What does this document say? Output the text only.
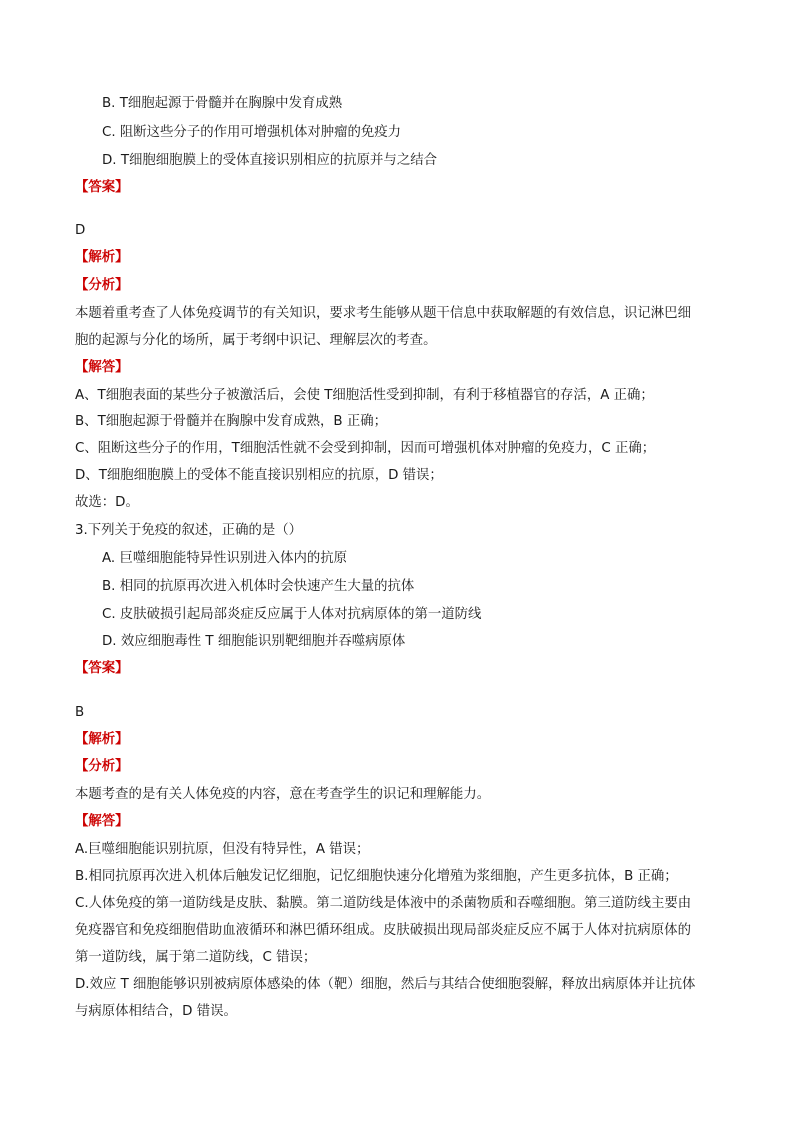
B. T细胞起源于骨髓并在胸腺中发育成熟
C. 阻断这些分子的作用可增强机体对肿瘤的免疫力
D. T细胞细胞膜上的受体直接识别相应的抗原并与之结合
【答案】
D
【解析】
【分析】
本题着重考查了人体免疫调节的有关知识，要求考生能够从题干信息中获取解题的有效信息，识记淋巴细
胞的起源与分化的场所，属于考纲中识记、理解层次的考查。
【解答】
A、T细胞表面的某些分子被激活后，会使 T细胞活性受到抑制，有利于移植器官的存活，A 正确；
B、T细胞起源于骨髓并在胸腺中发育成熟，B 正确；
C、阻断这些分子的作用，T细胞活性就不会受到抑制，因而可增强机体对肿瘤的免疫力，C 正确；
D、T细胞细胞膜上的受体不能直接识别相应的抗原，D 错误；
故选：D。
3.下列关于免疫的叙述，正确的是（）
A. 巨噬细胞能特异性识别进入体内的抗原
B. 相同的抗原再次进入机体时会快速产生大量的抗体
C. 皮肤破损引起局部炎症反应属于人体对抗病原体的第一道防线
D. 效应细胞毒性 T 细胞能识别靶细胞并吞噬病原体
【答案】
B
【解析】
【分析】
本题考查的是有关人体免疫的内容，意在考查学生的识记和理解能力。
【解答】
A.巨噬细胞能识别抗原，但没有特异性，A 错误；
B.相同抗原再次进入机体后触发记忆细胞，记忆细胞快速分化增殖为浆细胞，产生更多抗体，B 正确；
C.人体免疫的第一道防线是皮肤、黏膜。第二道防线是体液中的杀菌物质和吞噬细胞。第三道防线主要由
免疫器官和免疫细胞借助血液循环和淋巴循环组成。皮肤破损出现局部炎症反应不属于人体对抗病原体的
第一道防线，属于第二道防线，C 错误；
D.效应 T 细胞能够识别被病原体感染的体（靶）细胞，然后与其结合使细胞裂解，释放出病原体并让抗体
与病原体相结合，D 错误。
